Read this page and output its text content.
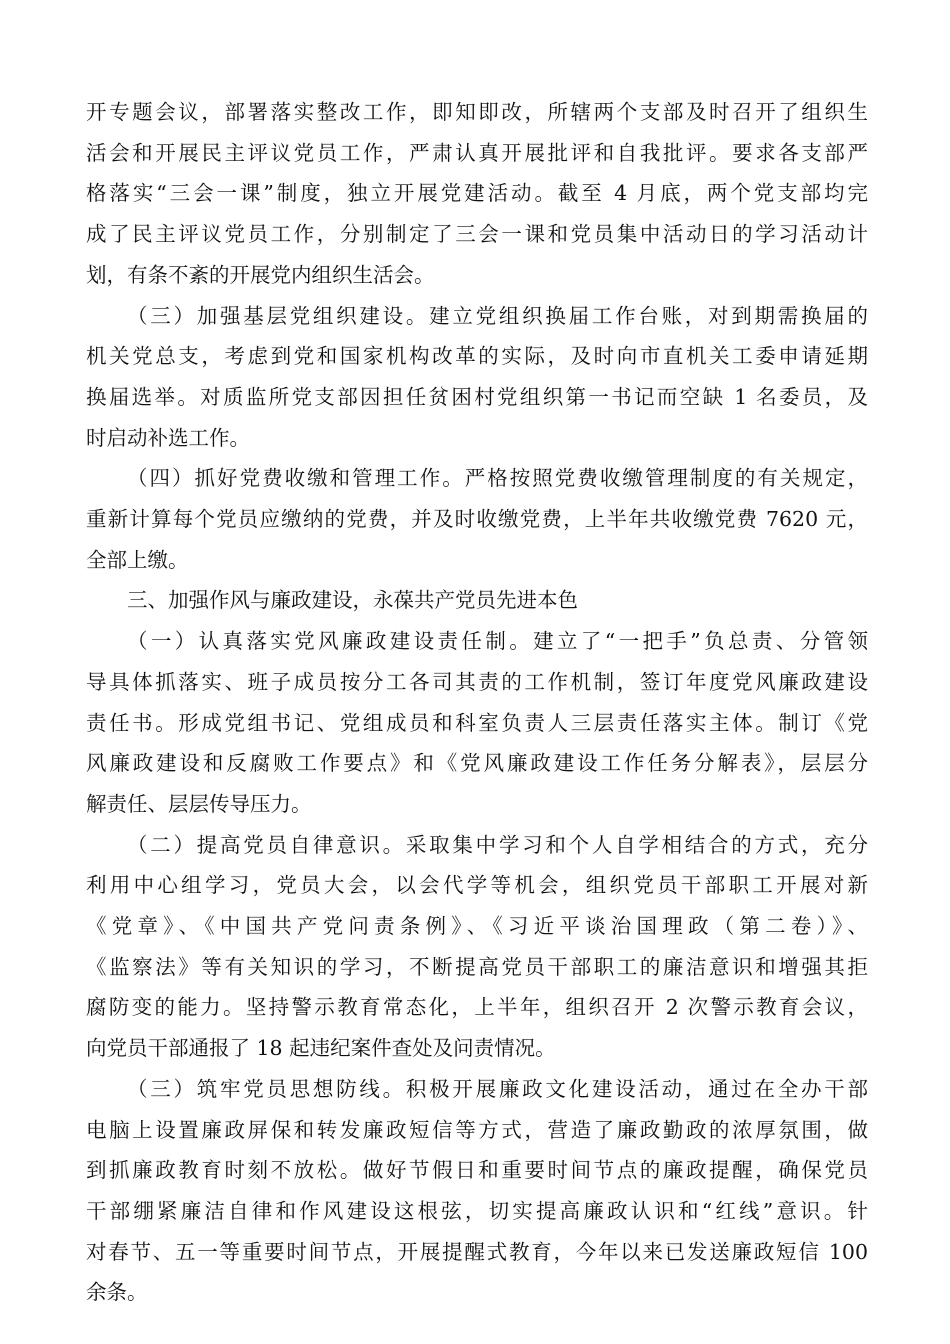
开专题会议，部署落实整改工作，即知即改，所辖两个支部及时召开了组织生
活会和开展民主评议党员工作，严肃认真开展批评和自我批评。要求各支部严
格落实“三会一课”制度，独立开展党建活动。截至 4 月底，两个党支部均完
成了民主评议党员工作，分别制定了三会一课和党员集中活动日的学习活动计
划，有条不紊的开展党内组织生活会。
（三）加强基层党组织建设。建立党组织换届工作台账，对到期需换届的
机关党总支，考虑到党和国家机构改革的实际，及时向市直机关工委申请延期
换届选举。对质监所党支部因担任贫困村党组织第一书记而空缺 1 名委员，及
时启动补选工作。
（四）抓好党费收缴和管理工作。严格按照党费收缴管理制度的有关规定，
重新计算每个党员应缴纳的党费，并及时收缴党费，上半年共收缴党费 7620 元，
全部上缴。
三、加强作风与廉政建设，永葆共产党员先进本色
（一）认真落实党风廉政建设责任制。建立了“一把手”负总责、分管领
导具体抓落实、班子成员按分工各司其责的工作机制，签订年度党风廉政建设
责任书。形成党组书记、党组成员和科室负责人三层责任落实主体。制订《党
风廉政建设和反腐败工作要点》和《党风廉政建设工作任务分解表》，层层分
解责任、层层传导压力。
（二）提高党员自律意识。采取集中学习和个人自学相结合的方式，充分
利用中心组学习，党员大会，以会代学等机会，组织党员干部职工开展对新
《党章》、《中国共产党问责条例》、《习近平谈治国理政（第二卷）》、
《监察法》等有关知识的学习，不断提高党员干部职工的廉洁意识和增强其拒
腐防变的能力。坚持警示教育常态化，上半年，组织召开 2 次警示教育会议，
向党员干部通报了 18 起违纪案件查处及问责情况。
（三）筑牢党员思想防线。积极开展廉政文化建设活动，通过在全办干部
电脑上设置廉政屏保和转发廉政短信等方式，营造了廉政勤政的浓厚氛围，做
到抓廉政教育时刻不放松。做好节假日和重要时间节点的廉政提醒，确保党员
干部绷紧廉洁自律和作风建设这根弦，切实提高廉政认识和“红线”意识。针
对春节、五一等重要时间节点，开展提醒式教育，今年以来已发送廉政短信 100
余条。
